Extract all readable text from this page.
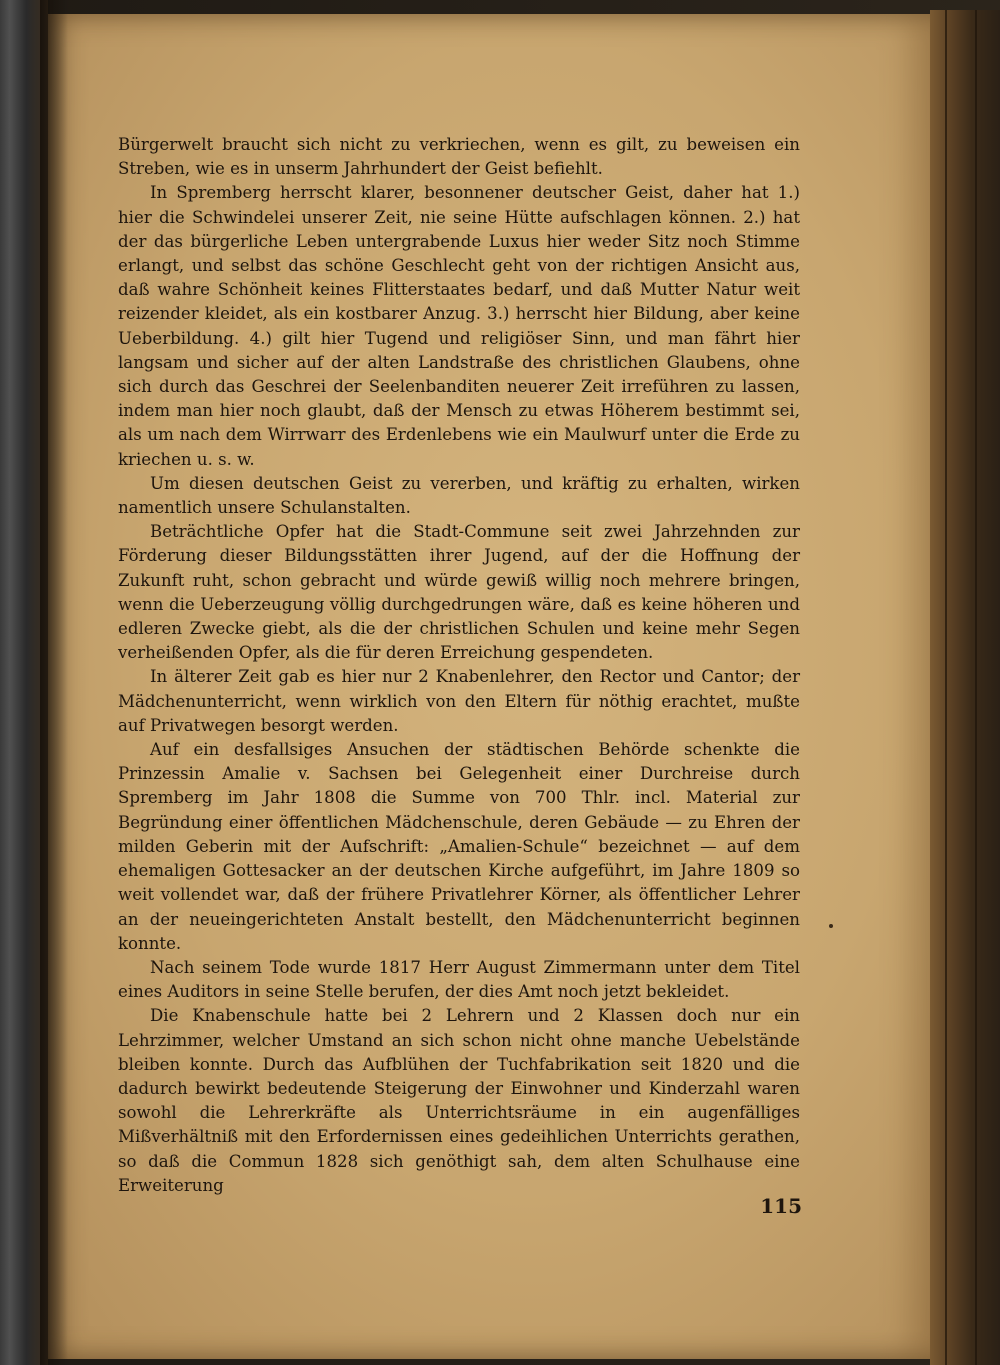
Bürgerwelt braucht sich nicht zu verkriechen, wenn es gilt, zu beweisen ein Streben, wie es in unserm Jahrhundert der Geist befiehlt.

In Spremberg herrscht klarer, besonnener deutscher Geist, daher hat 1.) hier die Schwindelei unserer Zeit, nie seine Hütte aufschlagen können. 2.) hat der das bürgerliche Leben untergrabende Luxus hier weder Sitz noch Stimme erlangt, und selbst das schöne Geschlecht geht von der richtigen Ansicht aus, daß wahre Schönheit keines Flitterstaates bedarf, und daß Mutter Natur weit reizender kleidet, als ein kostbarer Anzug. 3.) herrscht hier Bildung, aber keine Ueberbildung. 4.) gilt hier Tugend und religiöser Sinn, und man fährt hier langsam und sicher auf der alten Landstraße des christlichen Glaubens, ohne sich durch das Geschrei der Seelenbanditen neuerer Zeit irreführen zu lassen, indem man hier noch glaubt, daß der Mensch zu etwas Höherem bestimmt sei, als um nach dem Wirrwarr des Erdenlebens wie ein Maulwurf unter die Erde zu kriechen u. s. w.

Um diesen deutschen Geist zu vererben, und kräftig zu erhalten, wirken namentlich unsere Schulanstalten.

Beträchtliche Opfer hat die Stadt-Commune seit zwei Jahrzehnden zur Förderung dieser Bildungsstätten ihrer Jugend, auf der die Hoffnung der Zukunft ruht, schon gebracht und würde gewiß willig noch mehrere bringen, wenn die Ueberzeugung völlig durchgedrungen wäre, daß es keine höheren und edleren Zwecke giebt, als die der christlichen Schulen und keine mehr Segen verheißenden Opfer, als die für deren Erreichung gespendeten.

In älterer Zeit gab es hier nur 2 Knabenlehrer, den Rector und Cantor; der Mädchenunterricht, wenn wirklich von den Eltern für nöthig erachtet, mußte auf Privatwegen besorgt werden.

Auf ein desfallsiges Ansuchen der städtischen Behörde schenkte die Prinzessin Amalie v. Sachsen bei Gelegenheit einer Durchreise durch Spremberg im Jahr 1808 die Summe von 700 Thlr. incl. Material zur Begründung einer öffentlichen Mädchenschule, deren Gebäude — zu Ehren der milden Geberin mit der Aufschrift: „Amalien-Schule“ bezeichnet — auf dem ehemaligen Gottesacker an der deutschen Kirche aufgeführt, im Jahre 1809 so weit vollendet war, daß der frühere Privatlehrer Körner, als öffentlicher Lehrer an der neueingerichteten Anstalt bestellt, den Mädchenunterricht beginnen konnte.

Nach seinem Tode wurde 1817 Herr August Zimmermann unter dem Titel eines Auditors in seine Stelle berufen, der dies Amt noch jetzt bekleidet.

Die Knabenschule hatte bei 2 Lehrern und 2 Klassen doch nur ein Lehrzimmer, welcher Umstand an sich schon nicht ohne manche Uebelstände bleiben konnte. Durch das Aufblühen der Tuchfabrikation seit 1820 und die dadurch bewirkt bedeutende Steigerung der Einwohner und Kinderzahl waren sowohl die Lehrerkräfte als Unterrichtsräume in ein augenfälliges Mißverhältniß mit den Erfordernissen eines gedeihlichen Unterrichts gerathen, so daß die Commun 1828 sich genöthigt sah, dem alten Schulhause eine Erweiterung

115
